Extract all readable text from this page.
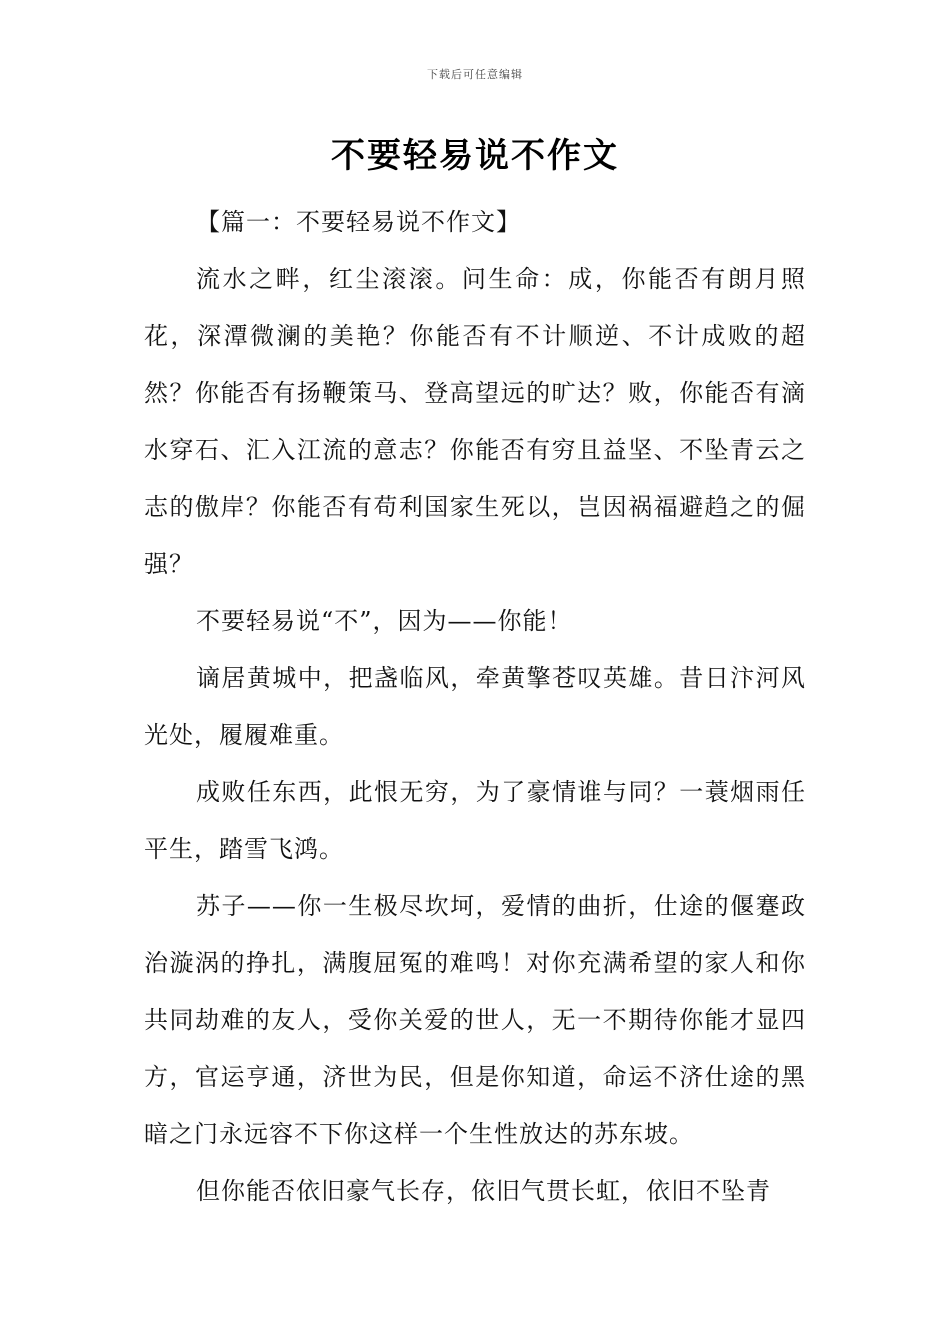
下载后可任意编辑
不要轻易说不作文

【篇一：不要轻易说不作文】

流水之畔，红尘滚滚。问生命：成，你能否有朗月照花，深潭微澜的美艳？你能否有不计顺逆、不计成败的超然？你能否有扬鞭策马、登高望远的旷达？败，你能否有滴水穿石、汇入江流的意志？你能否有穷且益坚、不坠青云之志的傲岸？你能否有苟利国家生死以，岂因祸福避趋之的倔强？

不要轻易说“不”，因为——你能！

谪居黄城中，把盏临风，牵黄擎苍叹英雄。昔日汴河风光处，履履难重。

成败任东西，此恨无穷，为了豪情谁与同？一蓑烟雨任平生，踏雪飞鸿。

苏子——你一生极尽坎坷，爱情的曲折，仕途的偃蹇政治漩涡的挣扎，满腹屈冤的难鸣！对你充满希望的家人和你共同劫难的友人，受你关爱的世人，无一不期待你能才显四方，官运亨通，济世为民，但是你知道，命运不济仕途的黑暗之门永远容不下你这样一个生性放达的苏东坡。

但你能否依旧豪气长存，依旧气贯长虹，依旧不坠青
